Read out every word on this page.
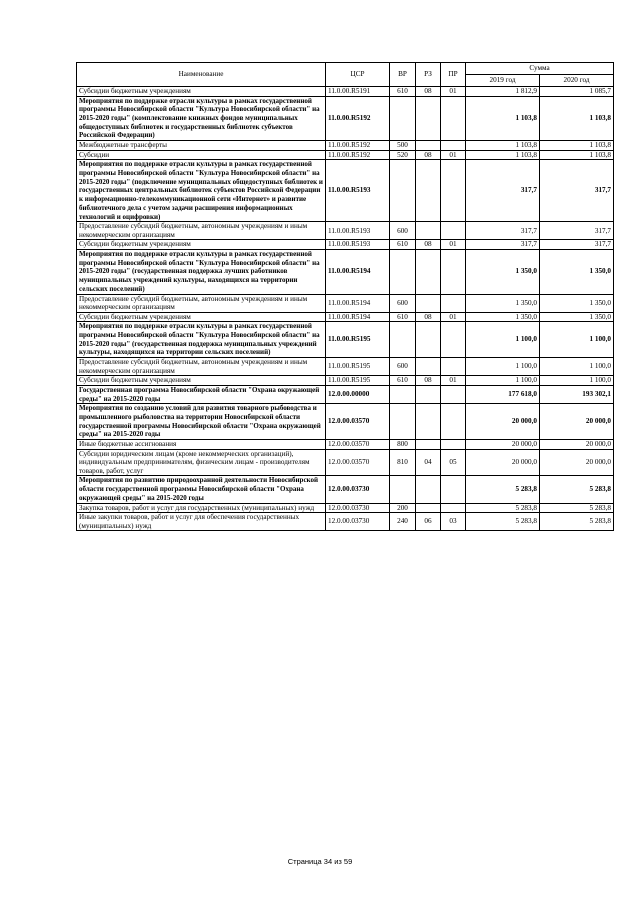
Наименование	ЦСР	ВР	РЗ	ПР	Сумма	
					2019 год	2020 год
Субсидии бюджетным учреждениям	11.0.00.R5191	610	08	01	1 812,9	1 085,7
Мероприятия по поддержке отрасли культуры в рамках государственной программы Новосибирской области "Культура Новосибирской области" на 2015-2020 годы" (комплектование книжных фондов муниципальных общедоступных библиотек и государственных библиотек субъектов Российской Федерации)	11.0.00.R5192				1 103,8	1 103,8
Межбюджетные трансферты	11.0.00.R5192	500			1 103,8	1 103,8
Субсидии	11.0.00.R5192	520	08	01	1 103,8	1 103,8
Мероприятия по поддержке отрасли культуры в рамках государственной программы Новосибирской области "Культура Новосибирской области" на 2015-2020 годы" (подключение муниципальных общедоступных библиотек и государственных центральных библиотек субъектов Российской Федерации к информационно-телекоммуникационной сети «Интернет» и развитие библиотечного дела с учетом задачи расширения информационных технологий и оцифровки)	11.0.00.R5193				317,7	317,7
Предоставление субсидий бюджетным, автономным учреждениям и иным некоммерческим организациям	11.0.00.R5193	600			317,7	317,7
Субсидии бюджетным учреждениям	11.0.00.R5193	610	08	01	317,7	317,7
Мероприятия по поддержке отрасли культуры в рамках государственной программы Новосибирской области "Культура Новосибирской области" на 2015-2020 годы" (государственная поддержка лучших работников муниципальных учреждений культуры, находящихся на территории сельских поселений)	11.0.00.R5194				1 350,0	1 350,0
Предоставление субсидий бюджетным, автономным учреждениям и иным некоммерческим организациям	11.0.00.R5194	600			1 350,0	1 350,0
Субсидии бюджетным учреждениям	11.0.00.R5194	610	08	01	1 350,0	1 350,0
Мероприятия по поддержке отрасли культуры в рамках государственной программы Новосибирской области "Культура Новосибирской области" на 2015-2020 годы" (государственная поддержка муниципальных учреждений культуры, находящихся на территории сельских поселений)	11.0.00.R5195				1 100,0	1 100,0
Предоставление субсидий бюджетным, автономным учреждениям и иным некоммерческим организациям	11.0.00.R5195	600			1 100,0	1 100,0
Субсидии бюджетным учреждениям	11.0.00.R5195	610	08	01	1 100,0	1 100,0
Государственная программа Новосибирской области "Охрана окружающей среды" на 2015-2020 годы	12.0.00.00000				177 618,0	193 302,1
Мероприятия по созданию условий для развития товарного рыбоводства и промышленного рыболовства на территории Новосибирской области государственной программы Новосибирской области "Охрана окружающей среды" на 2015-2020 годы	12.0.00.03570				20 000,0	20 000,0
Иные бюджетные ассигнования	12.0.00.03570	800			20 000,0	20 000,0
Субсидии юридическим лицам (кроме некоммерческих организаций), индивидуальным предпринимателям, физическим лицам - производителям товаров, работ, услуг	12.0.00.03570	810	04	05	20 000,0	20 000,0
Мероприятия по развитию природоохранной деятельности Новосибирской области государственной программы Новосибирской области "Охрана окружающей среды" на 2015-2020 годы	12.0.00.03730				5 283,8	5 283,8
Закупка товаров, работ и услуг для государственных (муниципальных) нужд	12.0.00.03730	200			5 283,8	5 283,8
Иные закупки товаров, работ и услуг для обеспечения государственных (муниципальных) нужд	12.0.00.03730	240	06	03	5 283,8	5 283,8
Страница 34 из 59
